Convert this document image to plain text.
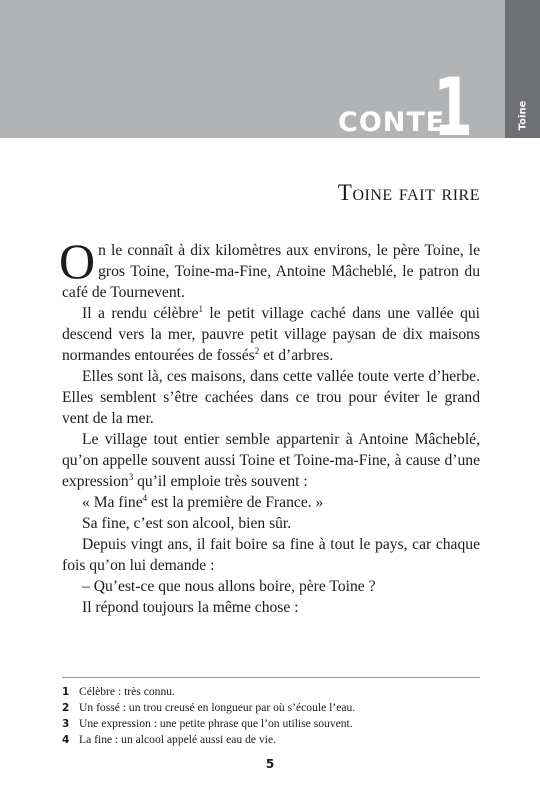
Toine
CONTE
1
Toine fait rire

On le connaît à dix kilomètres aux environs, le père Toine, le gros Toine, Toine-ma-Fine, Antoine Mâcheblé, le patron du café de Tournevent.

Il a rendu célèbre$^1$ le petit village caché dans une vallée qui descend vers la mer, pauvre petit village paysan de dix maisons normandes entourées de fossés$^2$ et d’arbres.

Elles sont là, ces maisons, dans cette vallée toute verte d’herbe. Elles semblent s’être cachées dans ce trou pour éviter le grand vent de la mer.

Le village tout entier semble appartenir à Antoine Mâcheblé, qu’on appelle souvent aussi Toine et Toine-ma-Fine, à cause d’une expression$^3$ qu’il emploie très souvent :

« Ma fine$^4$ est la première de France. »

Sa fine, c’est son alcool, bien sûr.

Depuis vingt ans, il fait boire sa fine à tout le pays, car chaque fois qu’on lui demande :

– Qu’est-ce que nous allons boire, père Toine ?

Il répond toujours la même chose :

1 Célèbre : très connu.
2 Un fossé : un trou creusé en longueur par où s’écoule l’eau.
3 Une expression : une petite phrase que l’on utilise souvent.
4 La fine : un alcool appelé aussi eau de vie.
5
